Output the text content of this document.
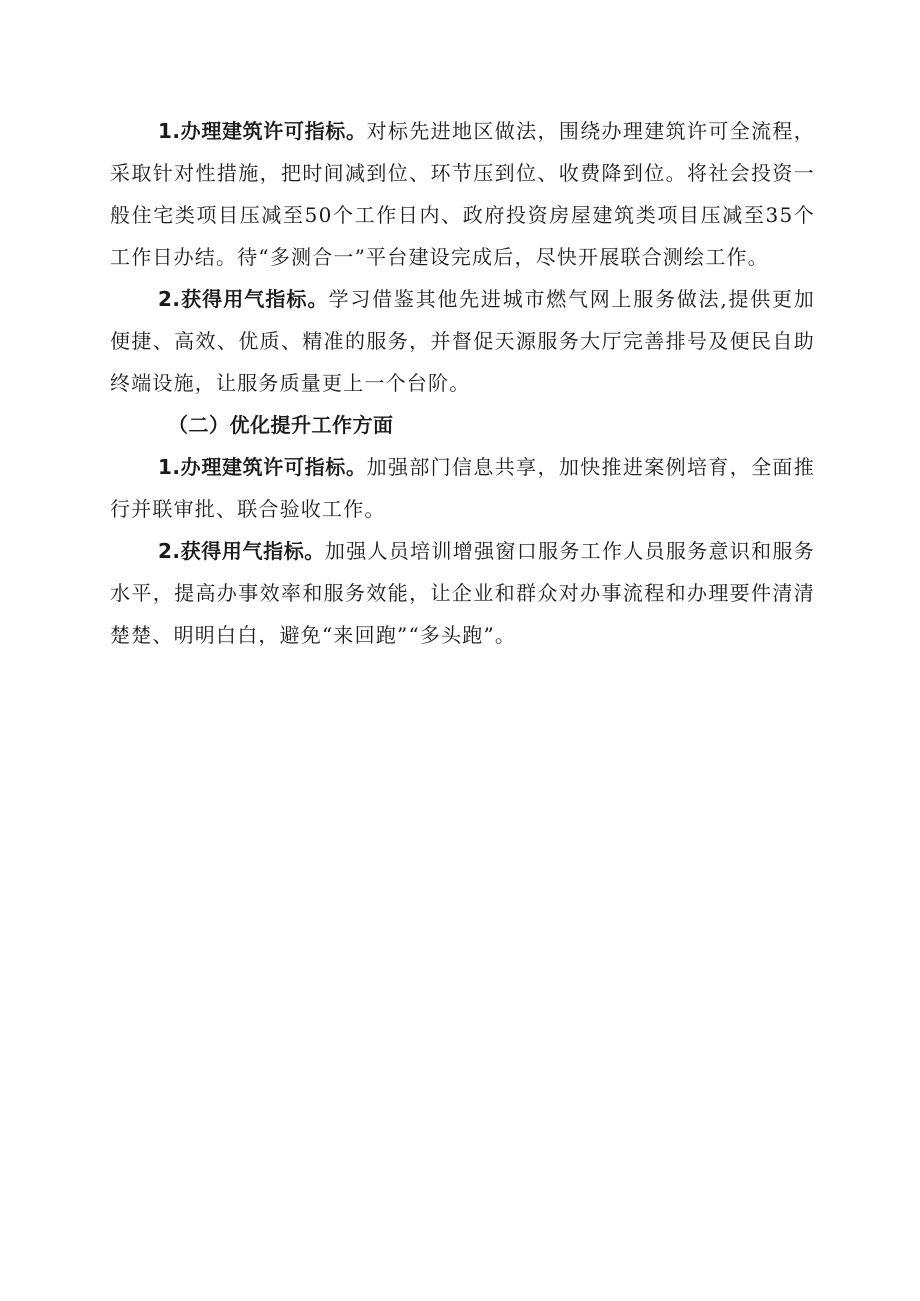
1.办理建筑许可指标。对标先进地区做法，围绕办理建筑许可全流程，采取针对性措施，把时间减到位、环节压到位、收费降到位。将社会投资一般住宅类项目压减至50个工作日内、政府投资房屋建筑类项目压减至35个工作日办结。待“多测合一”平台建设完成后，尽快开展联合测绘工作。

2.获得用气指标。学习借鉴其他先进城市燃气网上服务做法,提供更加便捷、高效、优质、精准的服务，并督促天源服务大厅完善排号及便民自助终端设施，让服务质量更上一个台阶。

（二）优化提升工作方面

1.办理建筑许可指标。加强部门信息共享，加快推进案例培育，全面推行并联审批、联合验收工作。

2.获得用气指标。加强人员培训增强窗口服务工作人员服务意识和服务水平，提高办事效率和服务效能，让企业和群众对办事流程和办理要件清清楚楚、明明白白，避免“来回跑”“多头跑”。
